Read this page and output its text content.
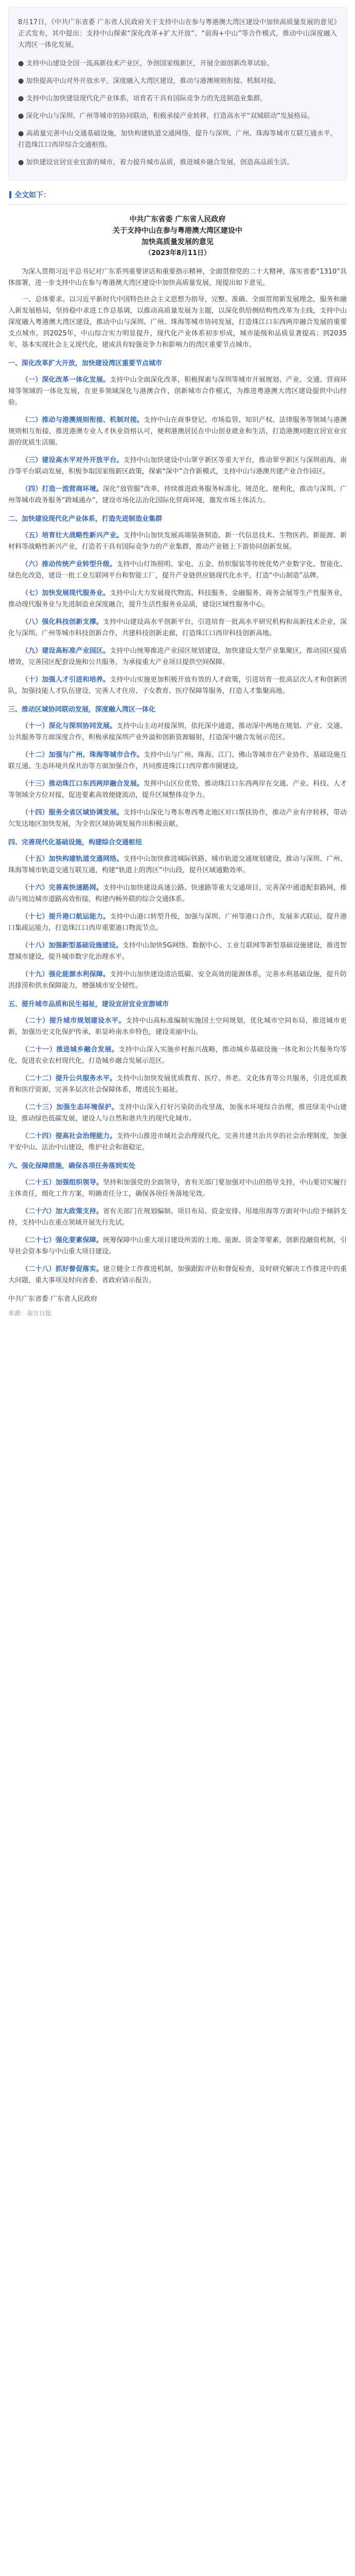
8月17日，《中共广东省委 广东省人民政府关于支持中山在参与粤港澳大湾区建设中加快高质量发展的意见》正式发布，其中提出：支持中山探索“深化改革+扩大开放”、“前海+中山”等合作模式，推动中山深度融入大湾区一体化发展。

● 支持中山建设全国一流高新技术产业区，争创国家级新区，开展全面创新改革试验。

● 加快提高中山对外开放水平，深度融入大湾区建设，推动与港澳规则衔接、机制对接。

● 支持中山加快建设现代化产业体系，培育若干具有国际竞争力的先进制造业集群。

● 深化中山与深圳、广州等城市的协同联动，积极承接产业转移，打造高水平“双城联动”发展格局。

● 高质量完善中山交通基础设施，加快构建轨道交通网络，提升与深圳、广州、珠海等城市互联互通水平，打造珠江口西岸综合交通枢纽。

● 加快建设宜居宜业宜游的城市，着力提升城市品质，推进城乡融合发展，创造高品质生活。

全文如下：
中共广东省委 广东省人民政府
关于支持中山在参与粤港澳大湾区建设中
加快高质量发展的意见
（2023年8月11日）

为深入贯彻习近平总书记对广东系列重要讲话和重要指示精神，全面贯彻党的二十大精神，落实省委“1310”具体部署，进一步支持中山在参与粤港澳大湾区建设中加快高质量发展，现提出如下意见。

一、总体要求。以习近平新时代中国特色社会主义思想为指导，完整、准确、全面贯彻新发展理念，服务和融入新发展格局，坚持稳中求进工作总基调，以推动高质量发展为主题，以深化供给侧结构性改革为主线，支持中山深度融入粤港澳大湾区建设，推动中山与深圳、广州、珠海等城市协同发展，打造珠江口东西两岸融合发展的重要支点城市。到2025年，中山综合实力明显提升，现代化产业体系初步形成，城市能级和品质显著提高；到2035年，基本实现社会主义现代化，建成具有较强竞争力和影响力的湾区重要节点城市。

一、深化改革扩大开放，加快建设湾区重要节点城市

（一）深化改革一体化发展。支持中山全面深化改革，积极探索与深圳等城市开展规划、产业、交通、营商环境等领域的一体化发展，在更多领域深化与港澳合作，创新城市合作模式，为推进粤港澳大湾区建设提供中山经验。

（二）推动与港澳规则衔接、机制对接。支持中山在商事登记、市场监管、知识产权、法律服务等领域与港澳规则相互衔接，推进港澳专业人才执业资格认可，便利港澳居民在中山创业就业和生活，打造港澳同胞宜居宜业宜游的优质生活圈。

（三）建设高水平对外开放平台。支持中山加快建设中山翠亨新区等重大平台，推动翠亨新区与深圳前海、南沙等平台联动发展，积极争取国家级新区政策，探索“深中”合作新模式，支持中山与港澳共建产业合作园区。

（四）打造一流营商环境。深化“放管服”改革，持续推进政务服务标准化、规范化、便利化，推动与深圳、广州等城市政务服务“跨城通办”，建设市场化法治化国际化营商环境，激发市场主体活力。

二、加快建设现代化产业体系，打造先进制造业集群

（五）培育壮大战略性新兴产业。支持中山加快发展高端装备制造、新一代信息技术、生物医药、新能源、新材料等战略性新兴产业，打造若干具有国际竞争力的产业集群，推动产业链上下游协同创新发展。

（六）推动传统产业转型升级。支持中山灯饰照明、家电、五金、纺织服装等传统优势产业数字化、智能化、绿色化改造，建设一批工业互联网平台和智能工厂，提升产业链供应链现代化水平，打造“中山制造”品牌。

（七）加快发展现代服务业。支持中山大力发展现代物流、科技服务、金融服务、商务会展等生产性服务业，推动现代服务业与先进制造业深度融合，提升生活性服务业品质，建设区域性服务中心。

（八）强化科技创新支撑。支持中山建设高水平创新平台，引进培育一批高水平研究机构和高新技术企业，深化与深圳、广州等城市科技创新合作，共建科技创新走廊，打造珠江口西岸科技创新高地。

（九）建设高标准产业园区。支持中山统筹推进产业园区规划建设，加快建设大型产业集聚区，推动园区提质增效，完善园区配套设施和公共服务，为承接重大产业项目提供空间保障。

（十）加强人才引进和培养。支持中山实施更加积极开放有效的人才政策，引进培育一批高层次人才和创新团队，加强技能人才队伍建设，完善人才住房、子女教育、医疗保障等服务，打造人才集聚高地。

三、推动区域协同联动发展，深度融入湾区一体化

（十一）深化与深圳协同发展。支持中山主动对接深圳，依托深中通道，推动深中两地在规划、产业、交通、公共服务等方面深度合作，积极承接深圳产业外溢和创新资源辐射，打造深中融合发展示范区。

（十二）加强与广州、珠海等城市合作。支持中山与广州、珠海、江门、佛山等城市在产业协作、基础设施互联互通、生态环境共保共治等方面加强合作，共同推进珠江口西岸都市圈建设。

（十三）推动珠江口东西两岸融合发展。发挥中山区位优势，推动珠江口东西两岸在交通、产业、科技、人才等领域全方位对接，促进要素高效便捷流动，提升区域整体竞争力。

（十四）服务全省区域协调发展。支持中山深化与粤东粤西粤北地区对口帮扶协作，推动产业有序转移，带动欠发达地区加快发展，为全省区域协调发展作出积极贡献。

四、完善现代化基础设施，构建综合交通枢纽

（十五）加快构建轨道交通网络。支持中山加快推进城际铁路、城市轨道交通规划建设，推动与深圳、广州、珠海等城市轨道交通互联互通，构建“轨道上的湾区”中山段，提升区域通勤效率。

（十六）完善高快速路网。支持中山加快建设高速公路、快速路等重大交通项目，完善深中通道配套路网，推动与周边城市道路高效衔接，构建内畅外联的综合交通体系。

（十七）提升港口航运能力。支持中山港口转型升级，加强与深圳、广州等港口合作，发展多式联运，提升港口集疏运能力，打造珠江口西岸重要港口物流节点。

（十八）加强新型基础设施建设。支持中山加快5G网络、数据中心、工业互联网等新型基础设施建设，推进智慧城市建设，提升城市数字化治理水平。

（十九）强化能源水利保障。支持中山加快建设清洁低碳、安全高效的能源体系，完善水利基础设施，提升防洪排涝和供水保障能力，增强城市安全韧性。

五、提升城市品质和民生福祉，建设宜居宜业宜游城市

（二十）提升城市规划建设水平。支持中山高标准编制实施国土空间规划，优化城市空间布局，推进城市更新，加强历史文化保护传承，彰显岭南水乡特色，建设美丽中山。

（二十一）推进城乡融合发展。支持中山深入实施乡村振兴战略，推动城乡基础设施一体化和公共服务均等化，促进农业农村现代化，打造城乡融合发展示范区。

（二十二）提升公共服务水平。支持中山加快发展优质教育、医疗、养老、文化体育等公共服务，引进优质教育和医疗资源，完善多层次社会保障体系，增进民生福祉。

（二十三）加强生态环境保护。支持中山深入打好污染防治攻坚战，加强水环境综合治理，推进绿美中山建设，推动绿色低碳发展，建设人与自然和谐共生的现代化城市。

（二十四）提高社会治理能力。支持中山推进市域社会治理现代化，完善共建共治共享的社会治理制度，加强平安中山、法治中山建设，维护社会和谐稳定。

六、强化保障措施，确保各项任务落到实处

（二十五）加强组织领导。坚持和加强党的全面领导，省有关部门要加强对中山的指导支持，中山要切实履行主体责任，细化工作方案，明确责任分工，确保各项任务落地见效。

（二十六）加大政策支持。省有关部门在规划编制、项目布局、资金安排、用地用海等方面对中山给予倾斜支持，支持中山在重点领域开展先行先试。

（二十七）强化要素保障。统筹保障中山重大项目建设所需的土地、能源、资金等要素，创新投融资机制，引导社会资本参与中山重大项目建设。

（二十八）抓好督促落实。建立健全工作推进机制，加强跟踪评估和督促检查，及时研究解决工作推进中的重大问题，重大事项及时向省委、省政府请示报告。

中共广东省委 广东省人民政府

来源：南方日报
